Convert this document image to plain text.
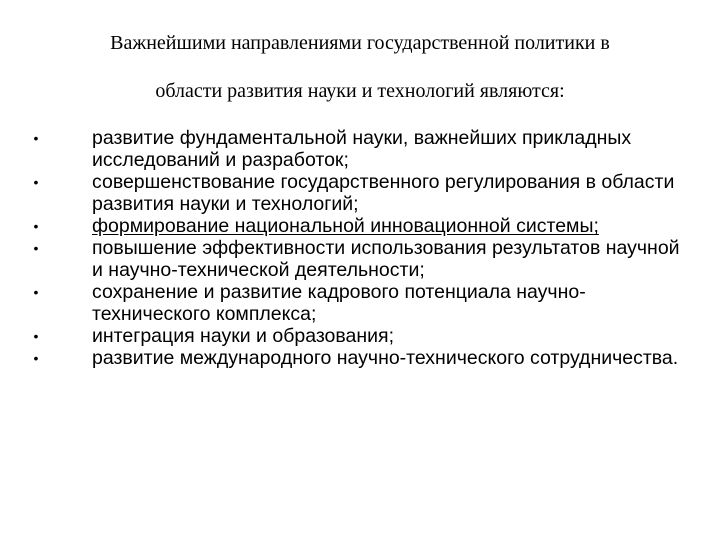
Важнейшими направлениями государственной политики в
области развития науки и технологий являются:
•	развитие фундаментальной науки, важнейших прикладных исследований и разработок;
•	совершенствование государственного регулирования в области развития науки и технологий;
•	формирование национальной инновационной системы;
•	повышение эффективности использования результатов научной и научно-технической деятельности;
•	сохранение и развитие кадрового потенциала научно-технического комплекса;
•	интеграция науки и образования;
•	развитие международного научно-технического сотрудничества.
